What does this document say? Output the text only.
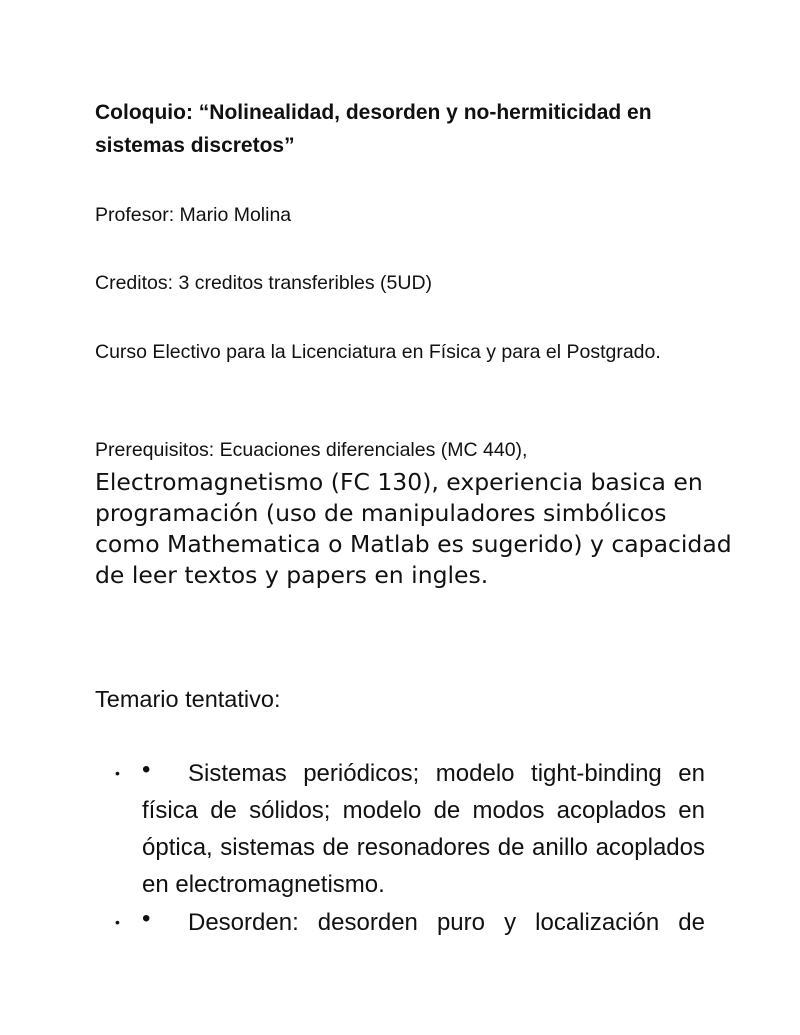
Coloquio: “Nolinealidad, desorden y no-hermiticidad en sistemas discretos”

Profesor: Mario Molina

Creditos: 3 creditos transferibles (5UD)

Curso Electivo para la Licenciatura en Física y para el Postgrado.

Prerequisitos: Ecuaciones diferenciales (MC 440),
Electromagnetismo (FC 130), experiencia basica en programación (uso de manipuladores simbólicos como Mathematica o Matlab es sugerido) y capacidad de leer textos y papers en ingles.

Temario tentativo:

• •	Sistemas periódicos; modelo tight-binding en física de sólidos; modelo de modos acoplados en óptica, sistemas de resonadores de anillo acoplados en electromagnetismo.

• •	Desorden: desorden puro y localización de
